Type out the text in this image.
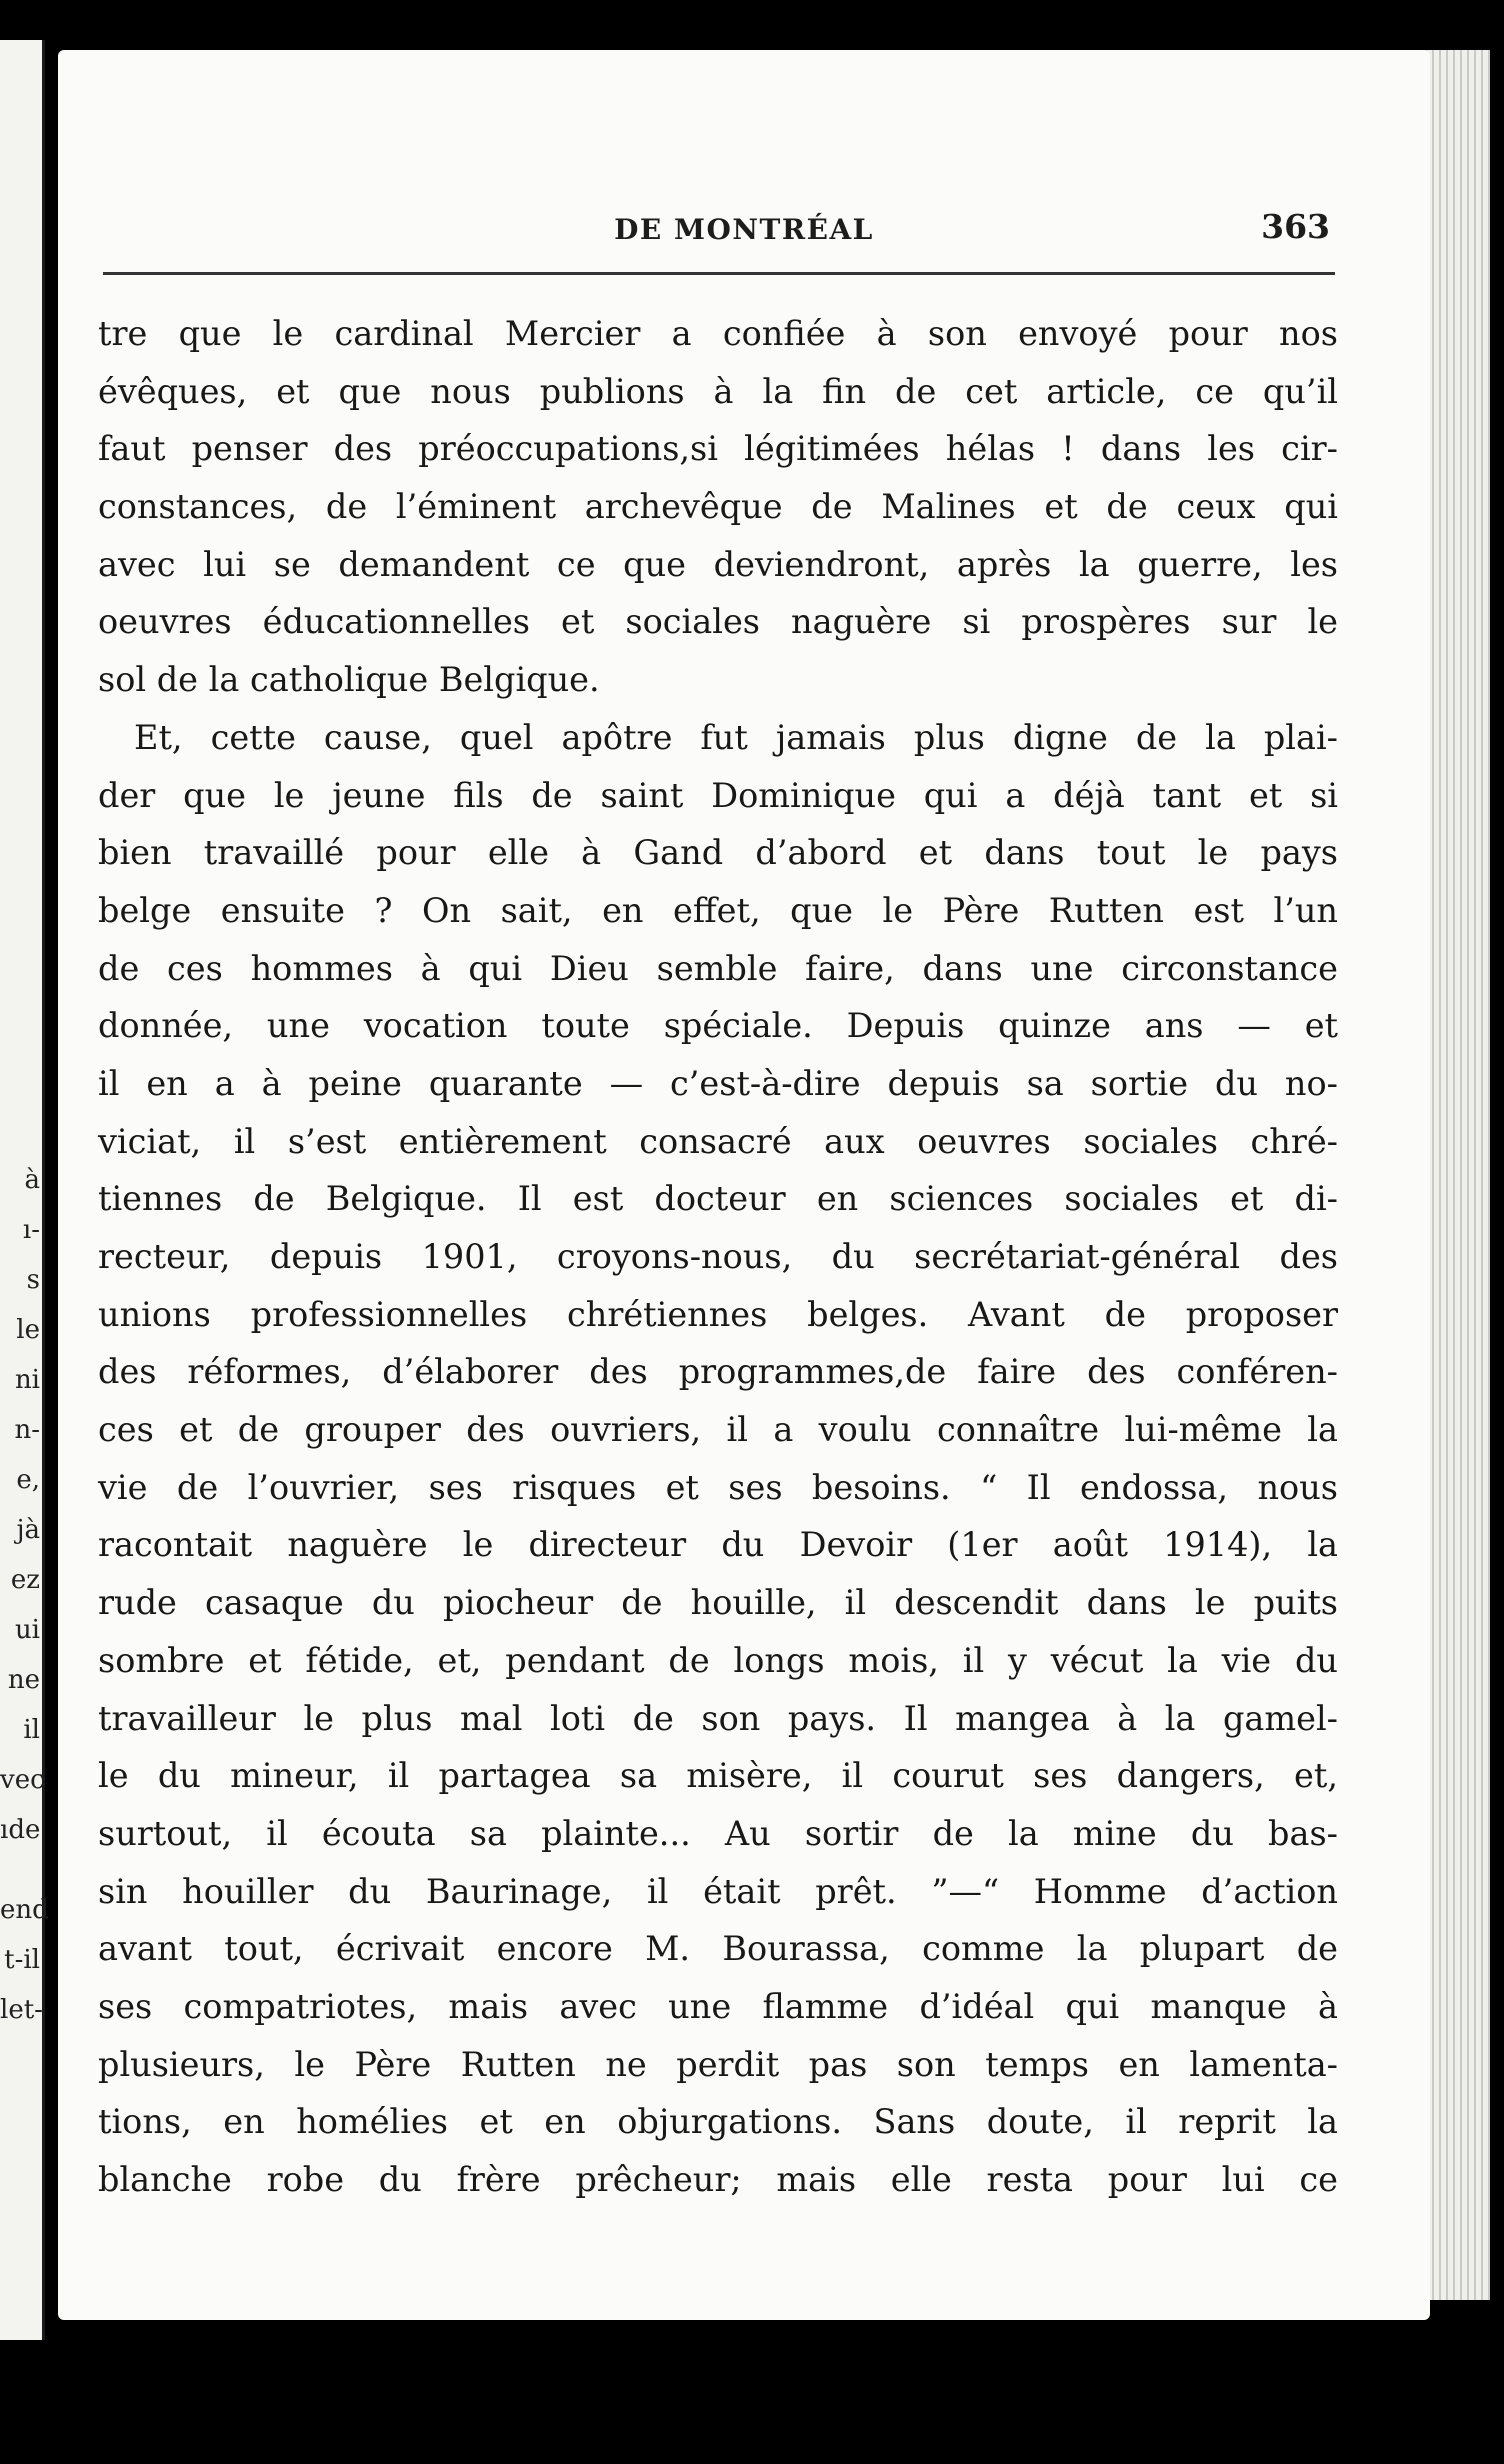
à
ı-
s
le
ni
n-
e,
jà
ez
ui
ne
il
vec
ıde
end
t-il
let-
DE MONTRÉAL	363
tre que le cardinal Mercier a confiée à son envoyé pour nos
évêques, et que nous publions à la fin de cet article, ce qu’il
faut penser des préoccupations,si légitimées hélas ! dans les cir-
constances, de l’éminent archevêque de Malines et de ceux qui
avec lui se demandent ce que deviendront, après la guerre, les
oeuvres éducationnelles et sociales naguère si prospères sur le
sol de la catholique Belgique.
Et, cette cause, quel apôtre fut jamais plus digne de la plai-
der que le jeune fils de saint Dominique qui a déjà tant et si
bien travaillé pour elle à Gand d’abord et dans tout le pays
belge ensuite ? On sait, en effet, que le Père Rutten est l’un
de ces hommes à qui Dieu semble faire, dans une circonstance
donnée, une vocation toute spéciale. Depuis quinze ans — et
il en a à peine quarante — c’est-à-dire depuis sa sortie du no-
viciat, il s’est entièrement consacré aux oeuvres sociales chré-
tiennes de Belgique. Il est docteur en sciences sociales et di-
recteur, depuis 1901, croyons-nous, du secrétariat-général des
unions professionnelles chrétiennes belges. Avant de proposer
des réformes, d’élaborer des programmes,de faire des conféren-
ces et de grouper des ouvriers, il a voulu connaître lui-même la
vie de l’ouvrier, ses risques et ses besoins. “ Il endossa, nous
racontait naguère le directeur du Devoir (1er août 1914), la
rude casaque du piocheur de houille, il descendit dans le puits
sombre et fétide, et, pendant de longs mois, il y vécut la vie du
travailleur le plus mal loti de son pays. Il mangea à la gamel-
le du mineur, il partagea sa misère, il courut ses dangers, et,
surtout, il écouta sa plainte... Au sortir de la mine du bas-
sin houiller du Baurinage, il était prêt. ”—“ Homme d’action
avant tout, écrivait encore M. Bourassa, comme la plupart de
ses compatriotes, mais avec une flamme d’idéal qui manque à
plusieurs, le Père Rutten ne perdit pas son temps en lamenta-
tions, en homélies et en objurgations. Sans doute, il reprit la
blanche robe du frère prêcheur; mais elle resta pour lui ce
